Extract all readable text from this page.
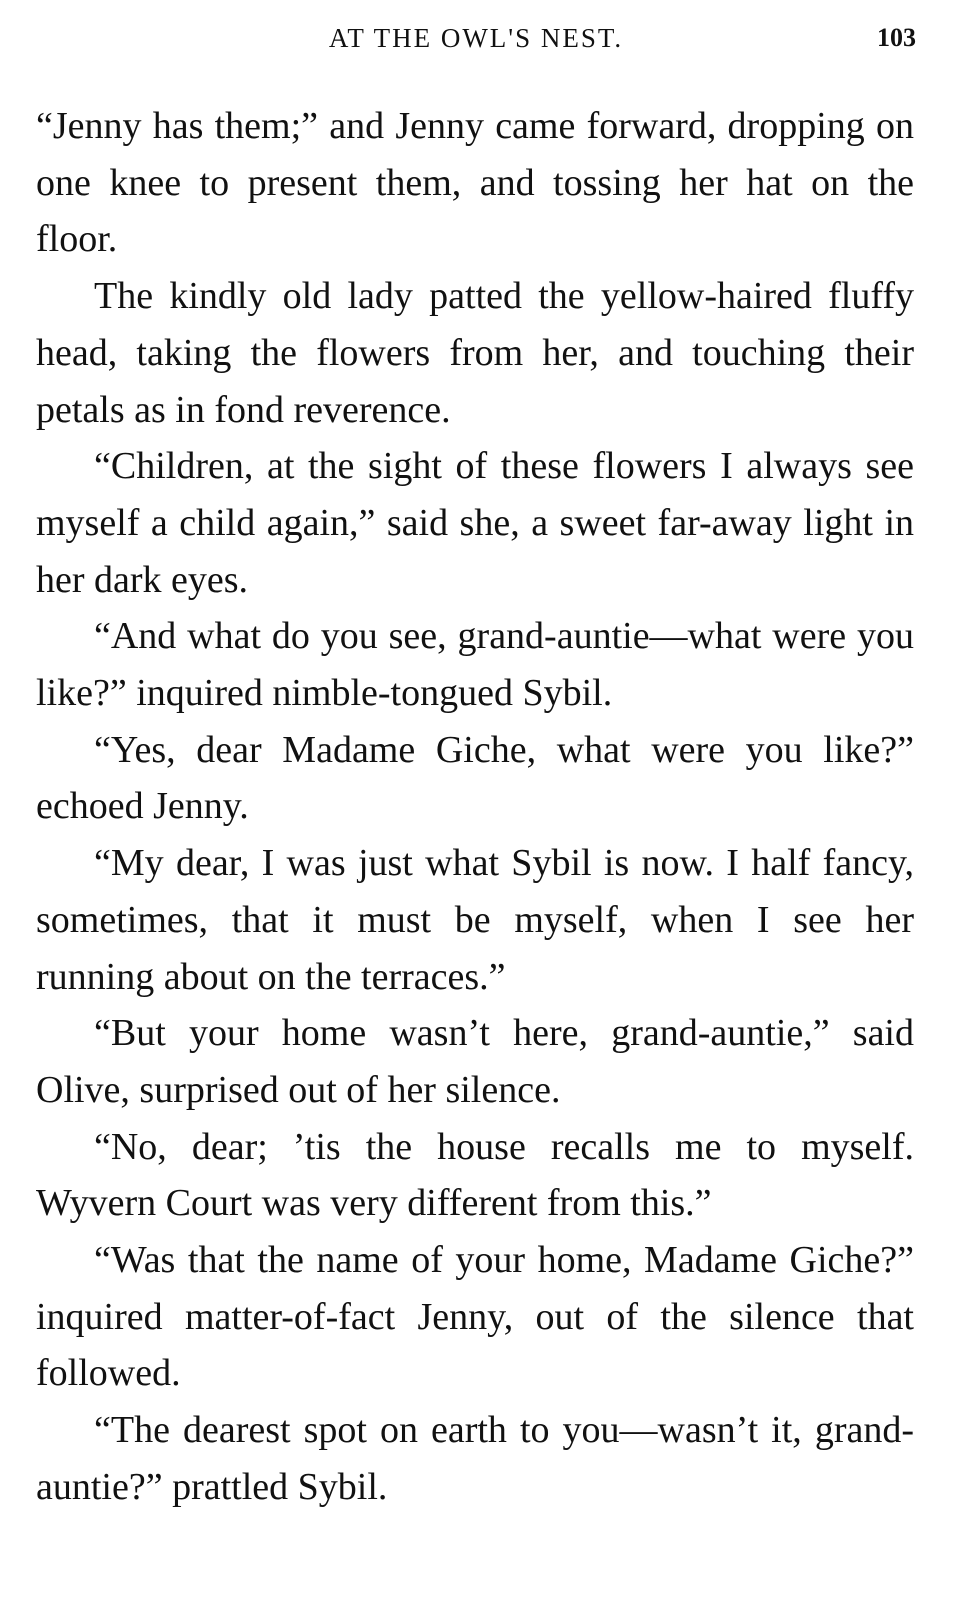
AT THE OWL'S NEST.	103

“Jenny has them;” and Jenny came forward, dropping on one knee to present them, and tossing her hat on the floor.

The kindly old lady patted the yellow-haired fluffy head, taking the flowers from her, and touching their petals as in fond reverence.

“Children, at the sight of these flowers I always see myself a child again,” said she, a sweet far-away light in her dark eyes.

“And what do you see, grand-auntie—what were you like?” inquired nimble-tongued Sybil.

“Yes, dear Madame Giche, what were you like?” echoed Jenny.

“My dear, I was just what Sybil is now. I half fancy, sometimes, that it must be myself, when I see her running about on the terraces.”

“But your home wasn’t here, grand-auntie,” said Olive, surprised out of her silence.

“No, dear; ’tis the house recalls me to myself. Wyvern Court was very different from this.”

“Was that the name of your home, Madame Giche?” inquired matter-of-fact Jenny, out of the silence that followed.

“The dearest spot on earth to you—wasn’t it, grand-auntie?” prattled Sybil.
